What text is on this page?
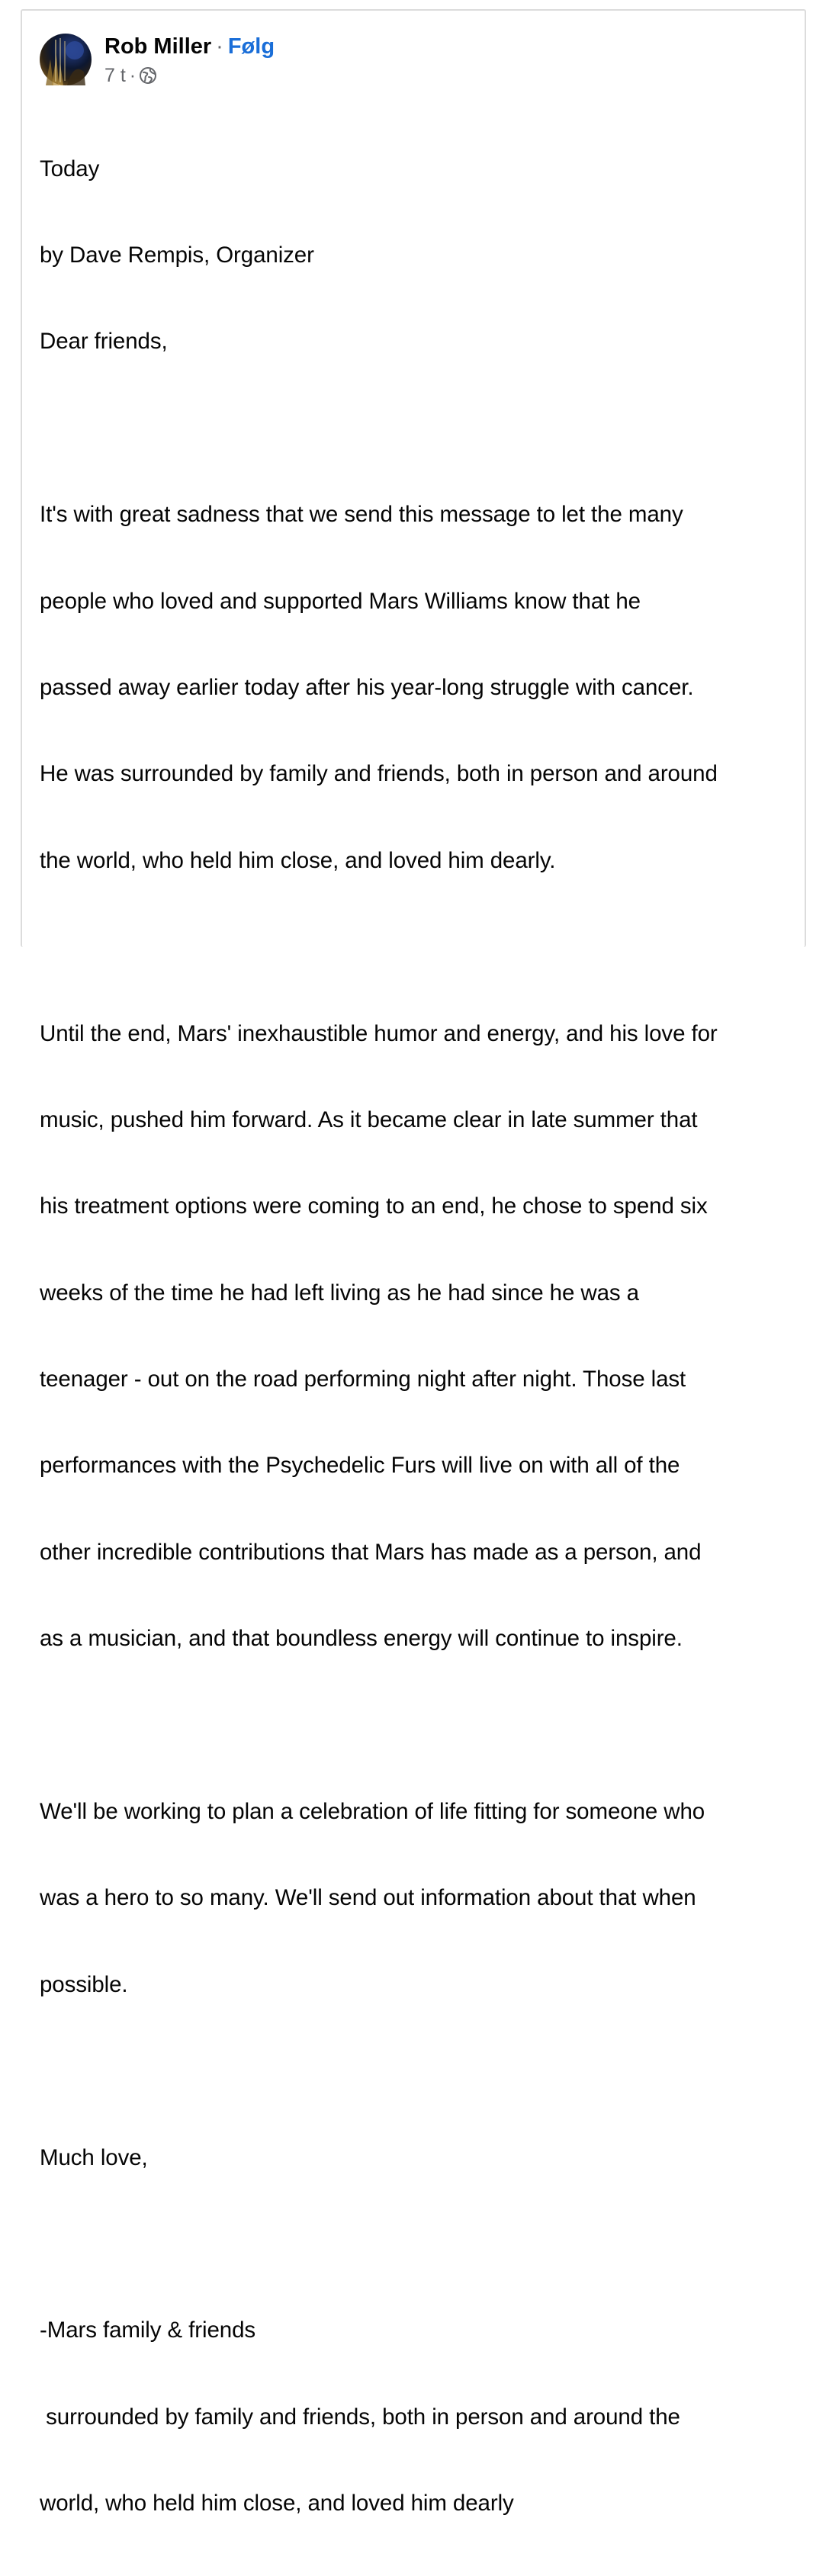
Rob Miller · Følg
7 t ·

Today

by Dave Rempis, Organizer

Dear friends,

It's with great sadness that we send this message to let the many

people who loved and supported Mars Williams know that he

passed away earlier today after his year-long struggle with cancer.

He was surrounded by family and friends, both in person and around

the world, who held him close, and loved him dearly.

Until the end, Mars' inexhaustible humor and energy, and his love for

music, pushed him forward. As it became clear in late summer that

his treatment options were coming to an end, he chose to spend six

weeks of the time he had left living as he had since he was a

teenager - out on the road performing night after night. Those last

performances with the Psychedelic Furs will live on with all of the

other incredible contributions that Mars has made as a person, and

as a musician, and that boundless energy will continue to inspire.

We'll be working to plan a celebration of life fitting for someone who

was a hero to so many. We'll send out information about that when

possible.

Much love,

-Mars family & friends

surrounded by family and friends, both in person and around the

world, who held him close, and loved him dearly
